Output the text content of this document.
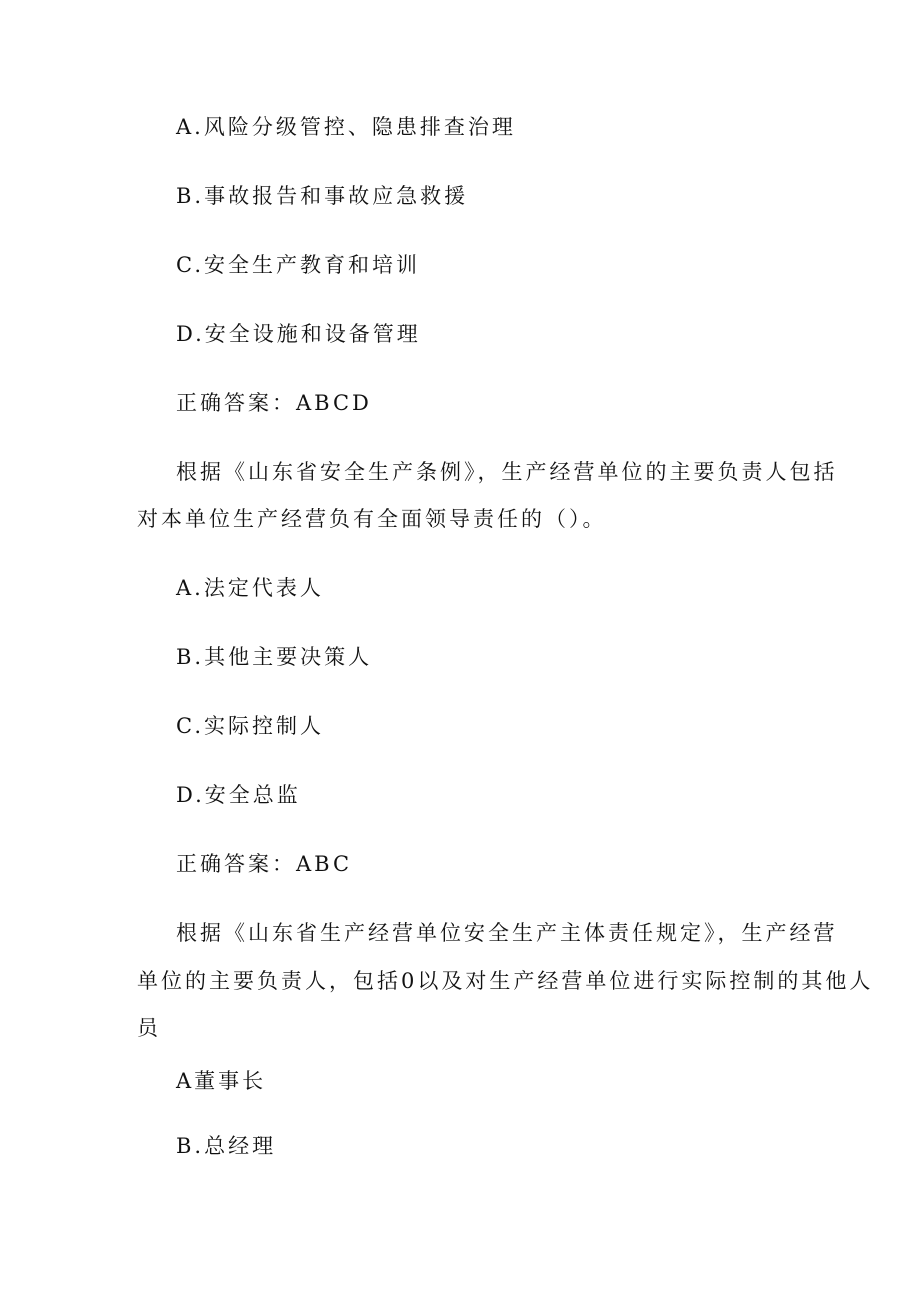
A.风险分级管控、隐患排查治理
B.事故报告和事故应急救援
C.安全生产教育和培训
D.安全设施和设备管理
正确答案：ABCD
根据《山东省安全生产条例》，生产经营单位的主要负责人包括
对本单位生产经营负有全面领导责任的（）。
A.法定代表人
B.其他主要决策人
C.实际控制人
D.安全总监
正确答案：ABC
根据《山东省生产经营单位安全生产主体责任规定》，生产经营
单位的主要负责人，包括0以及对生产经营单位进行实际控制的其他人
员
A董事长
B.总经理
